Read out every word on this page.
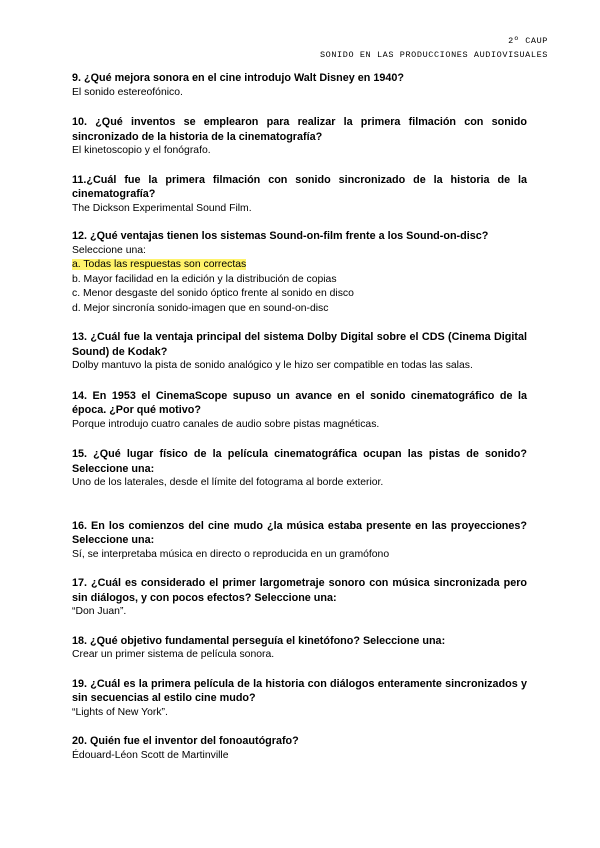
2º CAUP
SONIDO EN LAS PRODUCCIONES AUDIOVISUALES

9. ¿Qué mejora sonora en el cine introdujo Walt Disney en 1940?

El sonido estereofónico.

10. ¿Qué inventos se emplearon para realizar la primera filmación con sonido sincronizado de la historia de la cinematografía?

El kinetoscopio y el fonógrafo.

11.¿Cuál fue la primera filmación con sonido sincronizado de la historia de la cinematografía?

The Dickson Experimental Sound Film.

12. ¿Qué ventajas tienen los sistemas Sound-on-film frente a los Sound-on-disc?

Seleccione una:

a. Todas las respuestas son correctas
b. Mayor facilidad en la edición y la distribución de copias
c. Menor desgaste del sonido óptico frente al sonido en disco
d. Mejor sincronía sonido-imagen que en sound-on-disc

13. ¿Cuál fue la ventaja principal del sistema Dolby Digital sobre el CDS (Cinema Digital Sound) de Kodak?

Dolby mantuvo la pista de sonido analógico y le hizo ser compatible en todas las salas.

14. En 1953 el CinemaScope supuso un avance en el sonido cinematográfico de la época. ¿Por qué motivo?

Porque introdujo cuatro canales de audio sobre pistas magnéticas.

15. ¿Qué lugar físico de la película cinematográfica ocupan las pistas de sonido? Seleccione una:

Uno de los laterales, desde el límite del fotograma al borde exterior.

16. En los comienzos del cine mudo ¿la música estaba presente en las proyecciones? Seleccione una:

Sí, se interpretaba música en directo o reproducida en un gramófono

17. ¿Cuál es considerado el primer largometraje sonoro con música sincronizada pero sin diálogos, y con pocos efectos? Seleccione una:

“Don Juan”.

18. ¿Qué objetivo fundamental perseguía el kinetófono? Seleccione una:

Crear un primer sistema de película sonora.

19. ¿Cuál es la primera película de la historia con diálogos enteramente sincronizados y sin secuencias al estilo cine mudo?

“Lights of New York”.

20. Quién fue el inventor del fonoautógrafo?

Édouard-Léon Scott de Martinville
